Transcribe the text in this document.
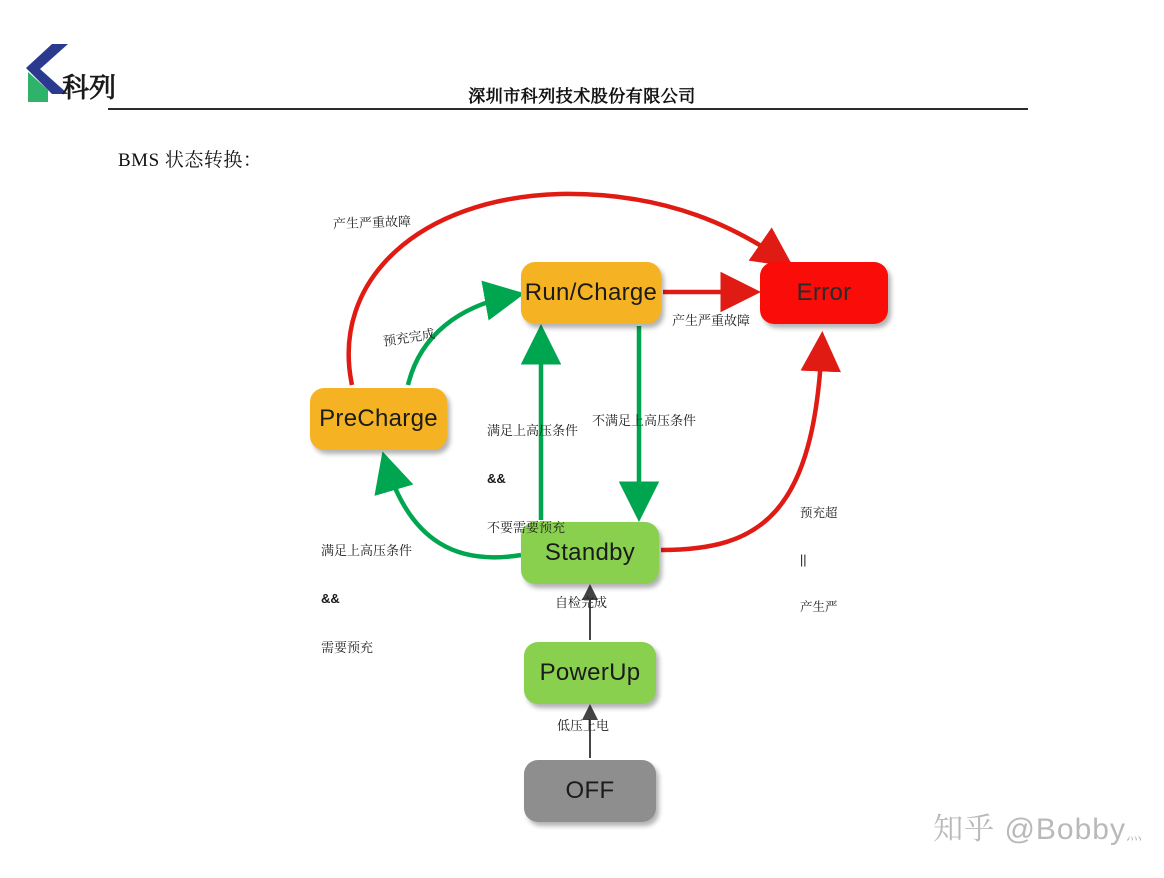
科列	深圳市科列技术股份有限公司
BMS 状态转换：
Run/Charge	Error
PreCharge
Standby
PowerUp
OFF
产生严重故障
预充完成
产生严重故障

满足上高压条件

&&

不要需要预充

不满足上高压条件

满足上高压条件

&&

需要预充

预充超

||

产生严

自检完成
低压上电
知乎 @Bobby灬
